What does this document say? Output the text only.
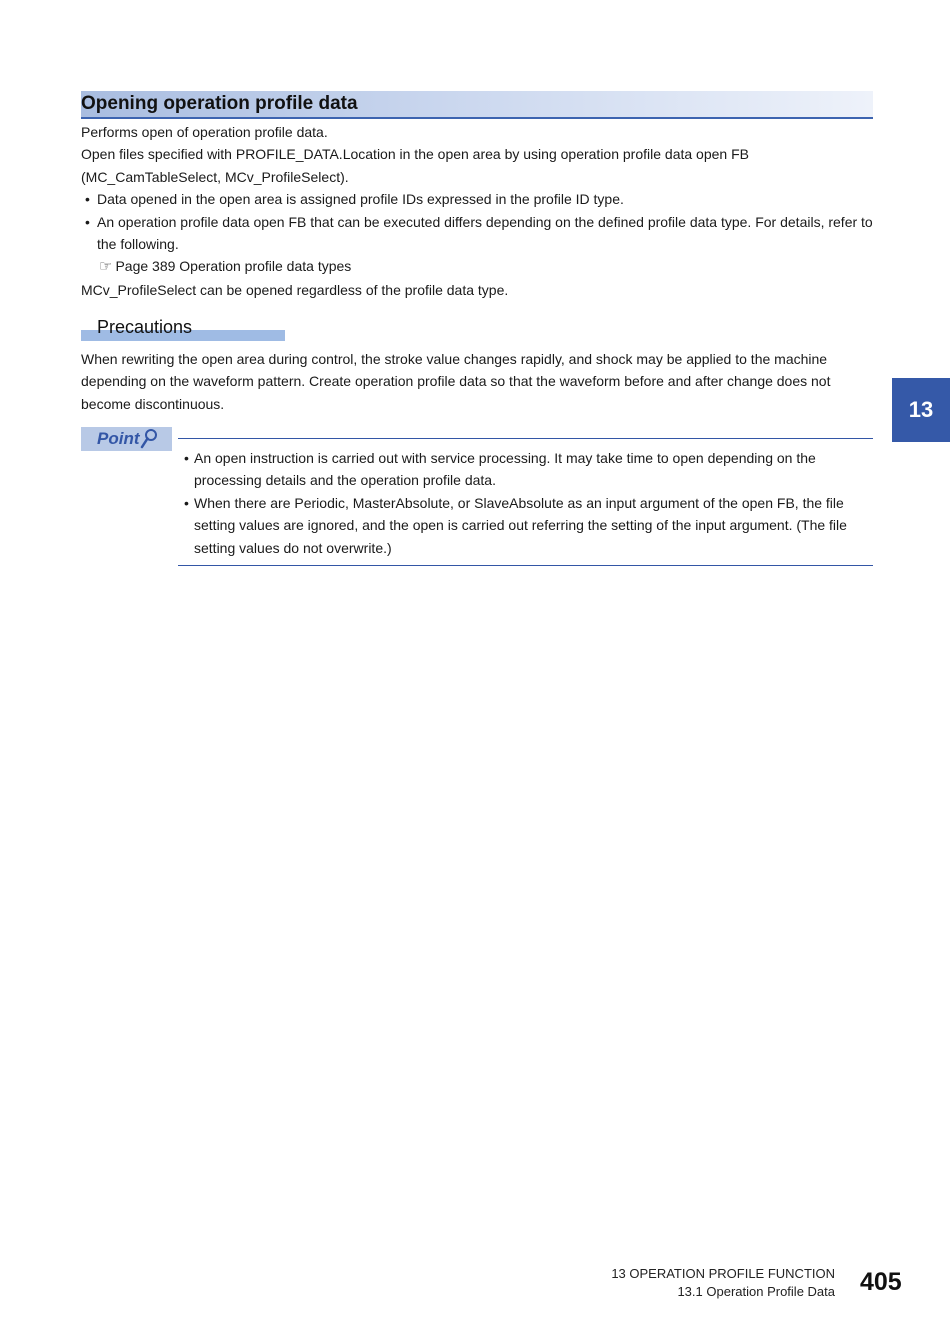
Opening operation profile data

Performs open of operation profile data.

Open files specified with PROFILE_DATA.Location in the open area by using operation profile data open FB (MC_CamTableSelect, MCv_ProfileSelect).

• Data opened in the open area is assigned profile IDs expressed in the profile ID type.
• An operation profile data open FB that can be executed differs depending on the defined profile data type. For details, refer to the following.

☞ Page 389 Operation profile data types

MCv_ProfileSelect can be opened regardless of the profile data type.

Precautions

When rewriting the open area during control, the stroke value changes rapidly, and shock may be applied to the machine depending on the waveform pattern. Create operation profile data so that the waveform before and after change does not become discontinuous.	13
Point
• An open instruction is carried out with service processing. It may take time to open depending on the processing details and the operation profile data.
• When there are Periodic, MasterAbsolute, or SlaveAbsolute as an input argument of the open FB, the file setting values are ignored, and the open is carried out referring the setting of the input argument. (The file setting values do not overwrite.)
13 OPERATION PROFILE FUNCTION
13.1 Operation Profile Data 405
